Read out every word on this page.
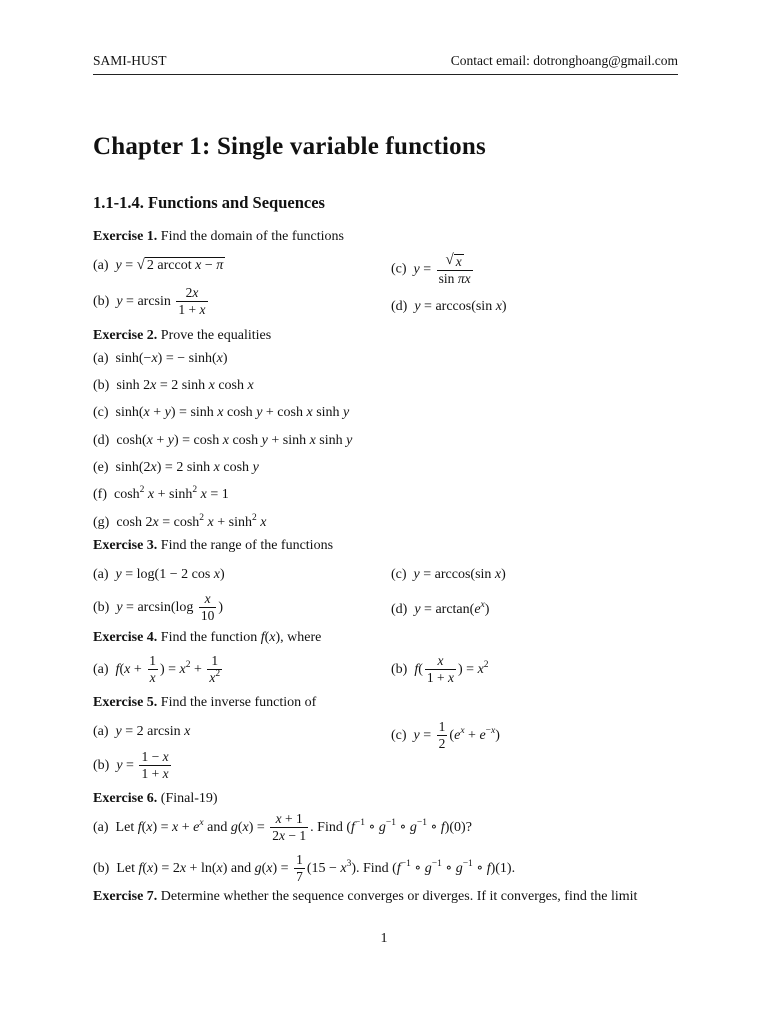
SAMI-HUST	Contact email: dotronghoang@gmail.com
Chapter 1: Single variable functions
1.1-1.4. Functions and Sequences
Exercise 1. Find the domain of the functions
(a) y = √ 2 arccot x − π
(b) $y = \arcsin \frac{2x}{1 + x}$
(c) $y = \frac{√ x}{\text{sin πx}}$
(d) y = arccos(sin x)
Exercise 2. Prove the equalities
(a) sinh(−x) = − sinh(x)
(b) sinh 2x = 2 sinh x cosh x
(c) sinh(x + y) = sinh x cosh y + cosh x sinh y
(d) cosh(x + y) = cosh x cosh y + sinh x sinh y
(e) sinh(2x) = 2 sinh x cosh y
(f) $\cosh^2 x + \sinh^2 x = 1$
(g) $\cosh 2x = \cosh^2 x + \sinh^2 x$
Exercise 3. Find the range of the functions
(a) y = log(1 − 2 cos x)
(b) $y = \arcsin(\log \frac{x}{10}$ )
(c) y = arccos(sin x)
(d) $y = \arctan(e^x)$
Exercise 4. Find the function f(x), where
(a) $f(x + \frac{1}{x}$ ) = $x^2 + \frac{1}{x^2}$	(b) $f( \frac{x}{1 + x}$ ) = $x^2$
Exercise 5. Find the inverse function of
(a) y = 2 arcsin x
(b) $y = \frac{1 - x}{1 + x}$
(c) $y = \frac{1}{2} (e^x + e^{-x})$
Exercise 6. (Final-19)
(a) Let $f(x) = x + e^x$ and $g(x) = \frac{x + 1}{2x - 1}$ . Find ($f^{-1}$ ∘ $g^{-1}$ ∘ $g^{-1}$ ∘ f)(0)?
(b) Let f(x) = 2x + ln(x) and $g(x) = \frac{1}{7} (15 - x^3)$. Find ($f^{-1}$ ∘ $g^{-1}$ ∘ $g^{-1}$ ∘ f)(1).
Exercise 7. Determine whether the sequence converges or diverges. If it converges, find the limit
1
